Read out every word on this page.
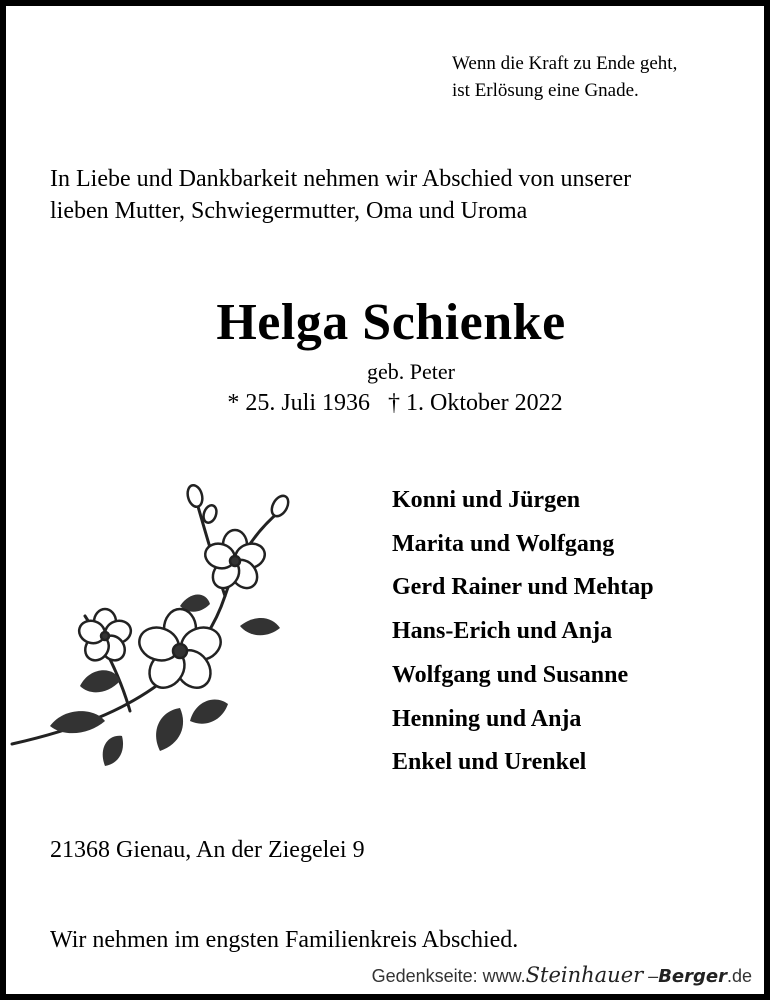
Wenn die Kraft zu Ende geht,
ist Erlösung eine Gnade.
In Liebe und Dankbarkeit nehmen wir Abschied von unserer
lieben Mutter, Schwiegermutter, Oma und Uroma
Helga Schienke
geb. Peter
* 25. Juli 1936 † 1. Oktober 2022
Konni und Jürgen
Marita und Wolfgang
Gerd Rainer und Mehtap
Hans-Erich und Anja
Wolfgang und Susanne
Henning und Anja
Enkel und Urenkel
21368 Gienau, An der Ziegelei 9
Wir nehmen im engsten Familienkreis Abschied.
Gedenkseite: www.Steinhauer –Berger.de
